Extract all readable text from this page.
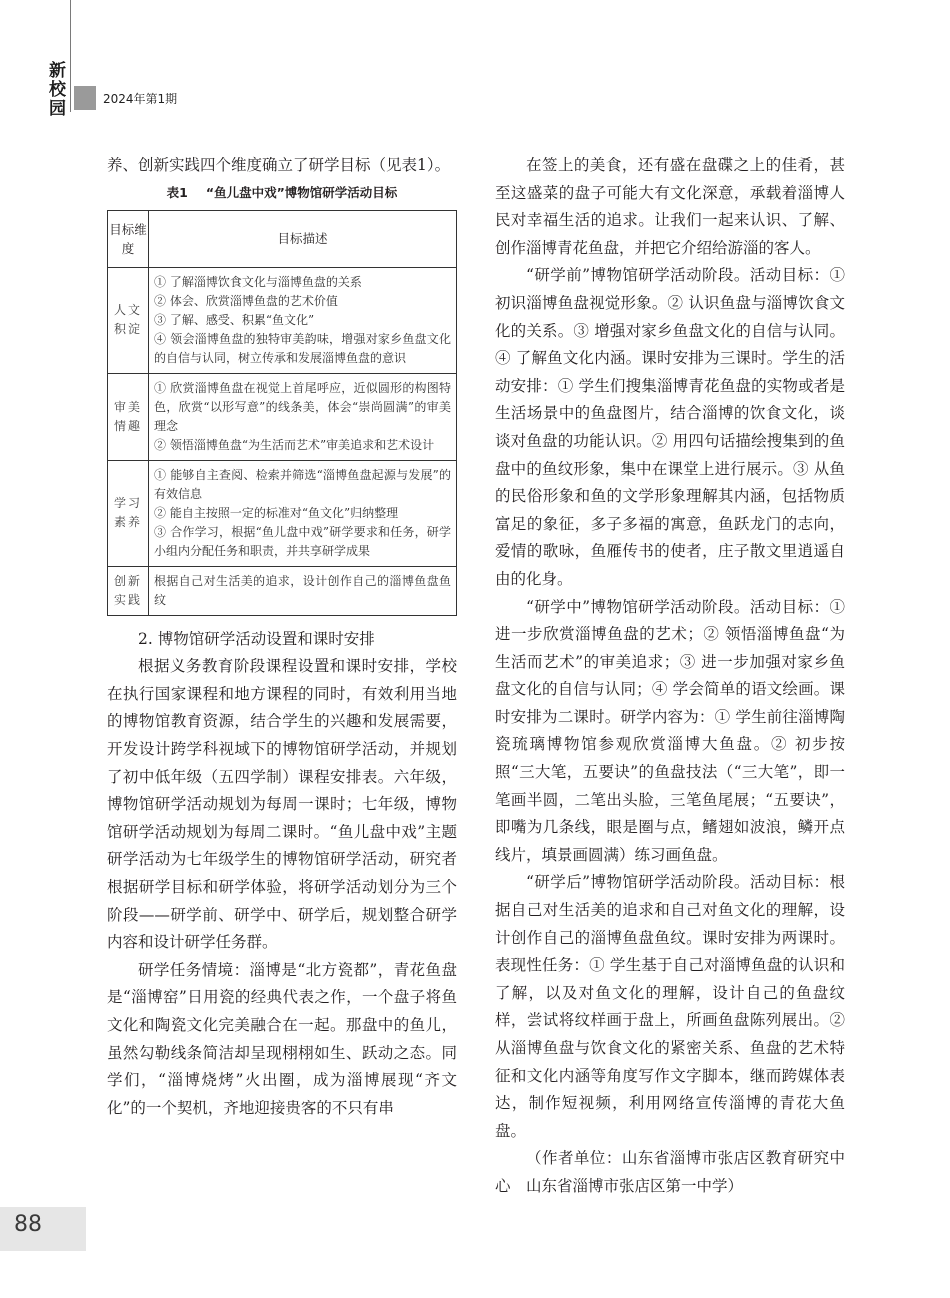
新
校
园	2024年第1期

养、创新实践四个维度确立了研学目标（见表1）。

表1 “鱼儿盘中戏”博物馆研学活动目标
目标维度	目标描述
人文积淀	① 了解淄博饮食文化与淄博鱼盘的关系
② 体会、欣赏淄博鱼盘的艺术价值
③ 了解、感受、积累“鱼文化”
④ 领会淄博鱼盘的独特审美韵味，增强对家乡鱼盘文化的自信与认同，树立传承和发展淄博鱼盘的意识

审美情趣	① 欣赏淄博鱼盘在视觉上首尾呼应，近似圆形的构图特色，欣赏“以形写意”的线条美，体会“崇尚圆满”的审美理念
② 领悟淄博鱼盘“为生活而艺术”审美追求和艺术设计

学习素养	① 能够自主查阅、检索并筛选“淄博鱼盘起源与发展”的有效信息
② 能自主按照一定的标准对“鱼文化”归纳整理
③ 合作学习，根据“鱼儿盘中戏”研学要求和任务，研学小组内分配任务和职责，并共享研学成果

创新实践	根据自己对生活美的追求，设计创作自己的淄博鱼盘鱼纹
2. 博物馆研学活动设置和课时安排

根据义务教育阶段课程设置和课时安排，学校在执行国家课程和地方课程的同时，有效利用当地的博物馆教育资源，结合学生的兴趣和发展需要，开发设计跨学科视域下的博物馆研学活动，并规划了初中低年级（五四学制）课程安排表。六年级，博物馆研学活动规划为每周一课时；七年级，博物馆研学活动规划为每周二课时。“鱼儿盘中戏”主题研学活动为七年级学生的博物馆研学活动，研究者根据研学目标和研学体验，将研学活动划分为三个阶段——研学前、研学中、研学后，规划整合研学内容和设计研学任务群。

研学任务情境：淄博是“北方瓷都”，青花鱼盘是“淄博窑”日用瓷的经典代表之作，一个盘子将鱼文化和陶瓷文化完美融合在一起。那盘中的鱼儿，虽然勾勒线条简洁却呈现栩栩如生、跃动之态。同学们，“淄博烧烤”火出圈，成为淄博展现“齐文化”的一个契机，齐地迎接贵客的不只有串

在签上的美食，还有盛在盘碟之上的佳肴，甚至这盛菜的盘子可能大有文化深意，承载着淄博人民对幸福生活的追求。让我们一起来认识、了解、创作淄博青花鱼盘，并把它介绍给游淄的客人。

“研学前”博物馆研学活动阶段。活动目标：① 初识淄博鱼盘视觉形象。② 认识鱼盘与淄博饮食文化的关系。③ 增强对家乡鱼盘文化的自信与认同。④ 了解鱼文化内涵。课时安排为三课时。学生的活动安排：① 学生们搜集淄博青花鱼盘的实物或者是生活场景中的鱼盘图片，结合淄博的饮食文化，谈谈对鱼盘的功能认识。② 用四句话描绘搜集到的鱼盘中的鱼纹形象，集中在课堂上进行展示。③ 从鱼的民俗形象和鱼的文学形象理解其内涵，包括物质富足的象征，多子多福的寓意，鱼跃龙门的志向，爱情的歌咏，鱼雁传书的使者，庄子散文里逍遥自由的化身。

“研学中”博物馆研学活动阶段。活动目标：① 进一步欣赏淄博鱼盘的艺术；② 领悟淄博鱼盘“为生活而艺术”的审美追求；③ 进一步加强对家乡鱼盘文化的自信与认同；④ 学会简单的语文绘画。课时安排为二课时。研学内容为：① 学生前往淄博陶瓷琉璃博物馆参观欣赏淄博大鱼盘。② 初步按照“三大笔，五要诀”的鱼盘技法（“三大笔”，即一笔画半圆，二笔出头脸，三笔鱼尾展；“五要诀”，即嘴为几条线，眼是圈与点，鳍翅如波浪，鳞开点线片，填景画圆满）练习画鱼盘。

“研学后”博物馆研学活动阶段。活动目标：根据自己对生活美的追求和自己对鱼文化的理解，设计创作自己的淄博鱼盘鱼纹。课时安排为两课时。表现性任务：① 学生基于自己对淄博鱼盘的认识和了解，以及对鱼文化的理解，设计自己的鱼盘纹样，尝试将纹样画于盘上，所画鱼盘陈列展出。② 从淄博鱼盘与饮食文化的紧密关系、鱼盘的艺术特征和文化内涵等角度写作文字脚本，继而跨媒体表达，制作短视频，利用网络宣传淄博的青花大鱼盘。

（作者单位：山东省淄博市张店区教育研究中心　山东省淄博市张店区第一中学）

88
